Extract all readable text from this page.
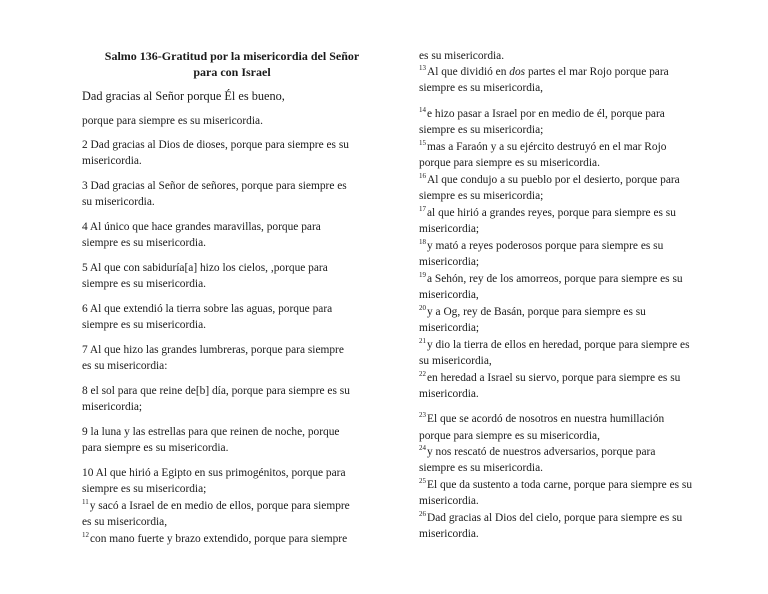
Salmo 136-Gratitud por la misericordia del Señor
para con Israel
Dad gracias al Señor porque Él es bueno,
porque para siempre es su misericordia.
2 Dad gracias al Dios de dioses, porque para siempre es su
misericordia.
3 Dad gracias al Señor de señores, porque para siempre es
su misericordia.
4 Al único que hace grandes maravillas, porque para
siempre es su misericordia.
5 Al que con sabiduría[a] hizo los cielos, ,porque para
siempre es su misericordia.
6 Al que extendió la tierra sobre las aguas, porque para
siempre es su misericordia.
7 Al que hizo las grandes lumbreras, porque para siempre
es su misericordia:
8 el sol para que reine de[b] día, porque para siempre es su
misericordia;
9 la luna y las estrellas para que reinen de noche, porque
para siempre es su misericordia.
10 Al que hirió a Egipto en sus primogénitos, porque para
siempre es su misericordia;
$^{11}$y sacó a Israel de en medio de ellos, porque para siempre
es su misericordia,
$^{12}$con mano fuerte y brazo extendido, porque para siempre
es su misericordia.
$^{13}$Al que dividió en dos partes el mar Rojo porque para
siempre es su misericordia,
$^{14}$e hizo pasar a Israel por en medio de él, porque para
siempre es su misericordia;
$^{15}$mas a Faraón y a su ejército destruyó en el mar Rojo
porque para siempre es su misericordia.
$^{16}$Al que condujo a su pueblo por el desierto, porque para
siempre es su misericordia;
$^{17}$al que hirió a grandes reyes, porque para siempre es su
misericordia;
$^{18}$y mató a reyes poderosos porque para siempre es su
misericordia;
$^{19}$a Sehón, rey de los amorreos, porque para siempre es su
misericordia,
$^{20}$y a Og, rey de Basán, porque para siempre es su
misericordia;
$^{21}$y dio la tierra de ellos en heredad, porque para siempre es
su misericordia,
$^{22}$en heredad a Israel su siervo, porque para siempre es su
misericordia.
$^{23}$El que se acordó de nosotros en nuestra humillación
porque para siempre es su misericordia,
$^{24}$y nos rescató de nuestros adversarios, porque para
siempre es su misericordia.
$^{25}$El que da sustento a toda carne, porque para siempre es su
misericordia.
$^{26}$Dad gracias al Dios del cielo, porque para siempre es su
misericordia.
